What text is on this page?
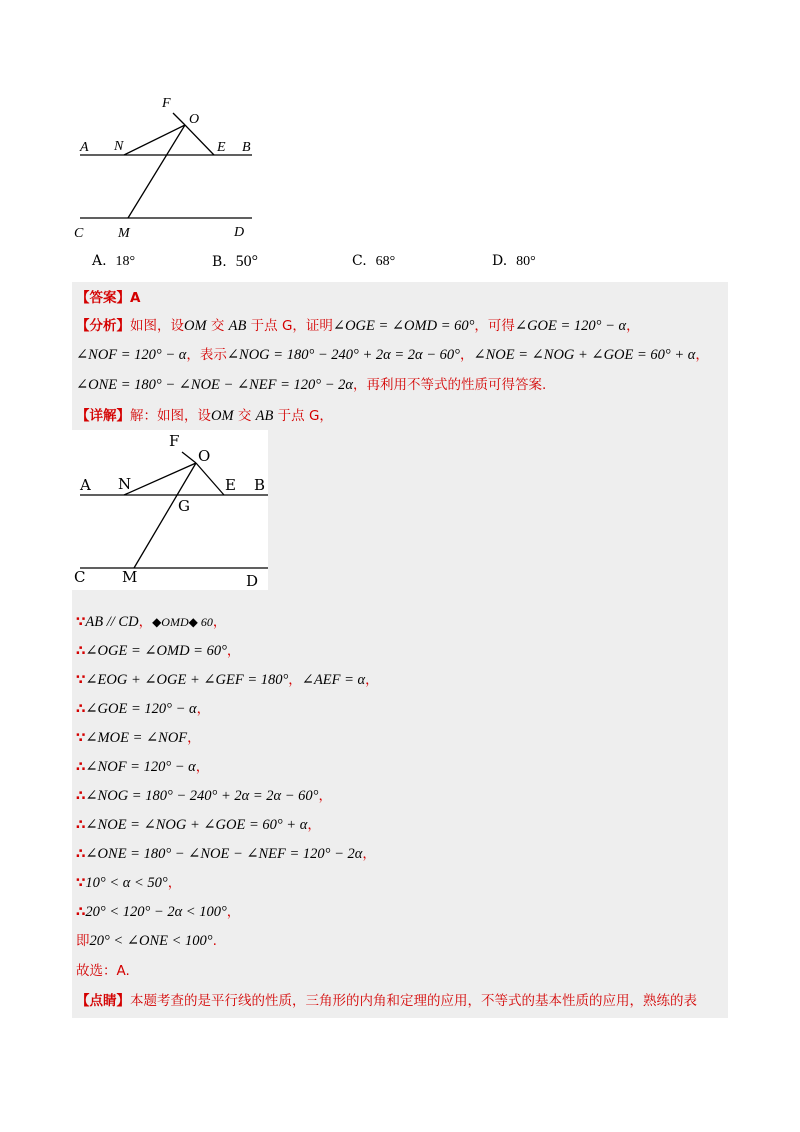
F
O
A N	E B
C M	D
A. 18°	B. 50°	C. 68°	D. 80°
【答案】A
【分析】如图，设OM 交 AB 于点 G，证明∠OGE = ∠OMD = 60°，可得∠GOE = 120° − α，
∠NOF = 120° − α，表示∠NOG = 180° − 240° + 2α = 2α − 60°，∠NOE = ∠NOG + ∠GOE = 60° + α，
∠ONE = 180° − ∠NOE − ∠NEF = 120° − 2α，再利用不等式的性质可得答案.
【详解】解：如图，设OM 交 AB 于点 G，
F
O
A N	E B
G
C M	D
∵AB // CD，◆OMD◆ 60，
∴∠OGE = ∠OMD = 60°，
∵∠EOG + ∠OGE + ∠GEF = 180°，∠AEF = α，
∴∠GOE = 120° − α，
∵∠MOE = ∠NOF，
∴∠NOF = 120° − α，
∴∠NOG = 180° − 240° + 2α = 2α − 60°，
∴∠NOE = ∠NOG + ∠GOE = 60° + α，
∴∠ONE = 180° − ∠NOE − ∠NEF = 120° − 2α，
∵10° < α < 50°，
∴20° < 120° − 2α < 100°，
即20° < ∠ONE < 100°.
故选：A.
【点睛】本题考查的是平行线的性质，三角形的内角和定理的应用，不等式的基本性质的应用，熟练的表
